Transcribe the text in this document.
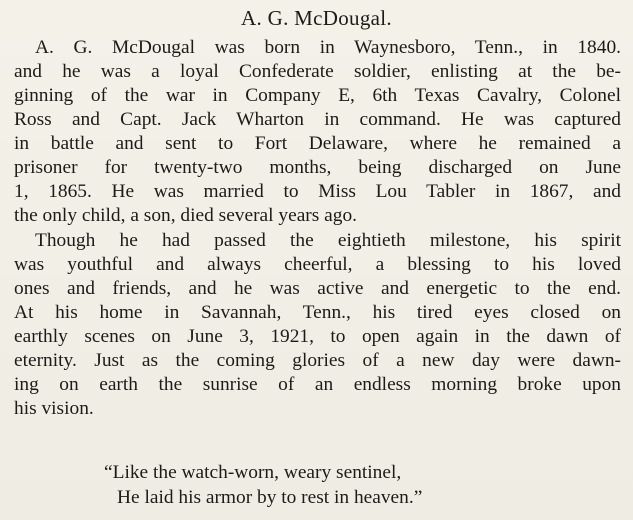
A. G. McDougal.
A. G. McDougal was born in Waynesboro, Tenn., in 1840.
and he was a loyal Confederate soldier, enlisting at the be-
ginning of the war in Company E, 6th Texas Cavalry, Colonel
Ross and Capt. Jack Wharton in command. He was captured
in battle and sent to Fort Delaware, where he remained a
prisoner for twenty-two months, being discharged on June
1, 1865. He was married to Miss Lou Tabler in 1867, and
the only child, a son, died several years ago.
Though he had passed the eightieth milestone, his spirit
was youthful and always cheerful, a blessing to his loved
ones and friends, and he was active and energetic to the end.
At his home in Savannah, Tenn., his tired eyes closed on
earthly scenes on June 3, 1921, to open again in the dawn of
eternity. Just as the coming glories of a new day were dawn-
ing on earth the sunrise of an endless morning broke upon
his vision.
“Like the watch-worn, weary sentinel,
He laid his armor by to rest in heaven.”
